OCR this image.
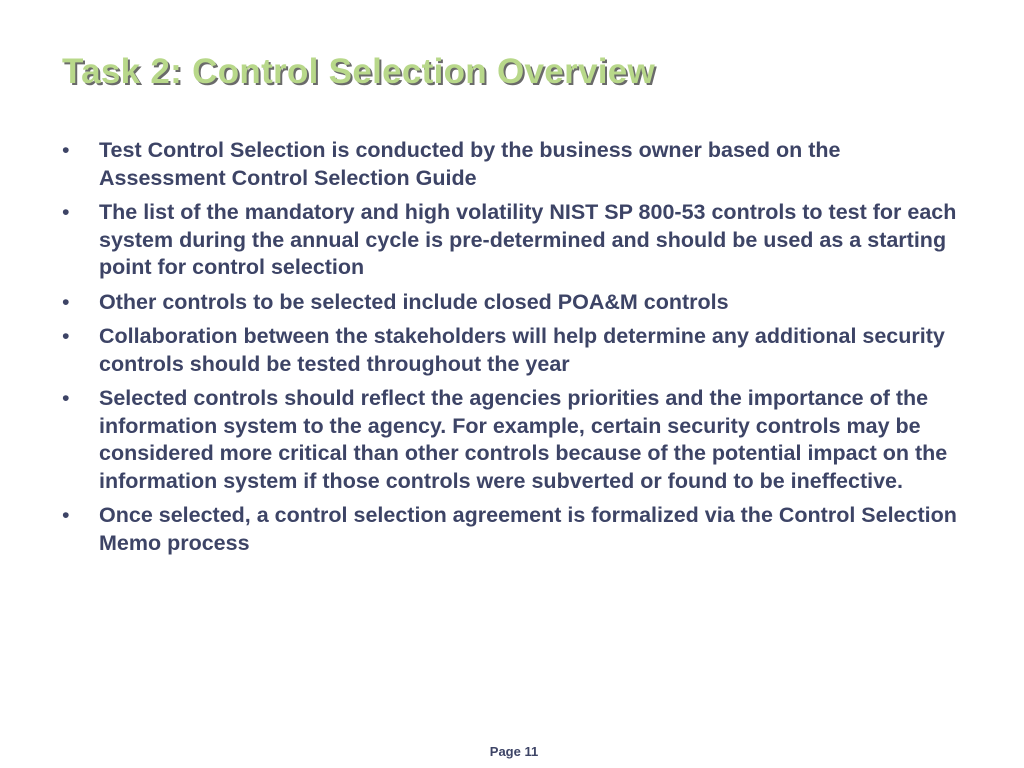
Task 2: Control Selection Overview
•	Test Control Selection is conducted by the business owner based on the Assessment Control Selection Guide
•	The list of the mandatory and high volatility NIST SP 800-53 controls to test for each system during the annual cycle is pre-determined and should be used as a starting point for control selection
•	Other controls to be selected include closed POA&M controls
•	Collaboration between the stakeholders will help determine any additional security controls should be tested throughout the year
•	Selected controls should reflect the agencies priorities and the importance of the information system to the agency. For example, certain security controls may be considered more critical than other controls because of the potential impact on the information system if those controls were subverted or found to be ineffective.
•	Once selected, a control selection agreement is formalized via the Control Selection Memo process
Page 11
